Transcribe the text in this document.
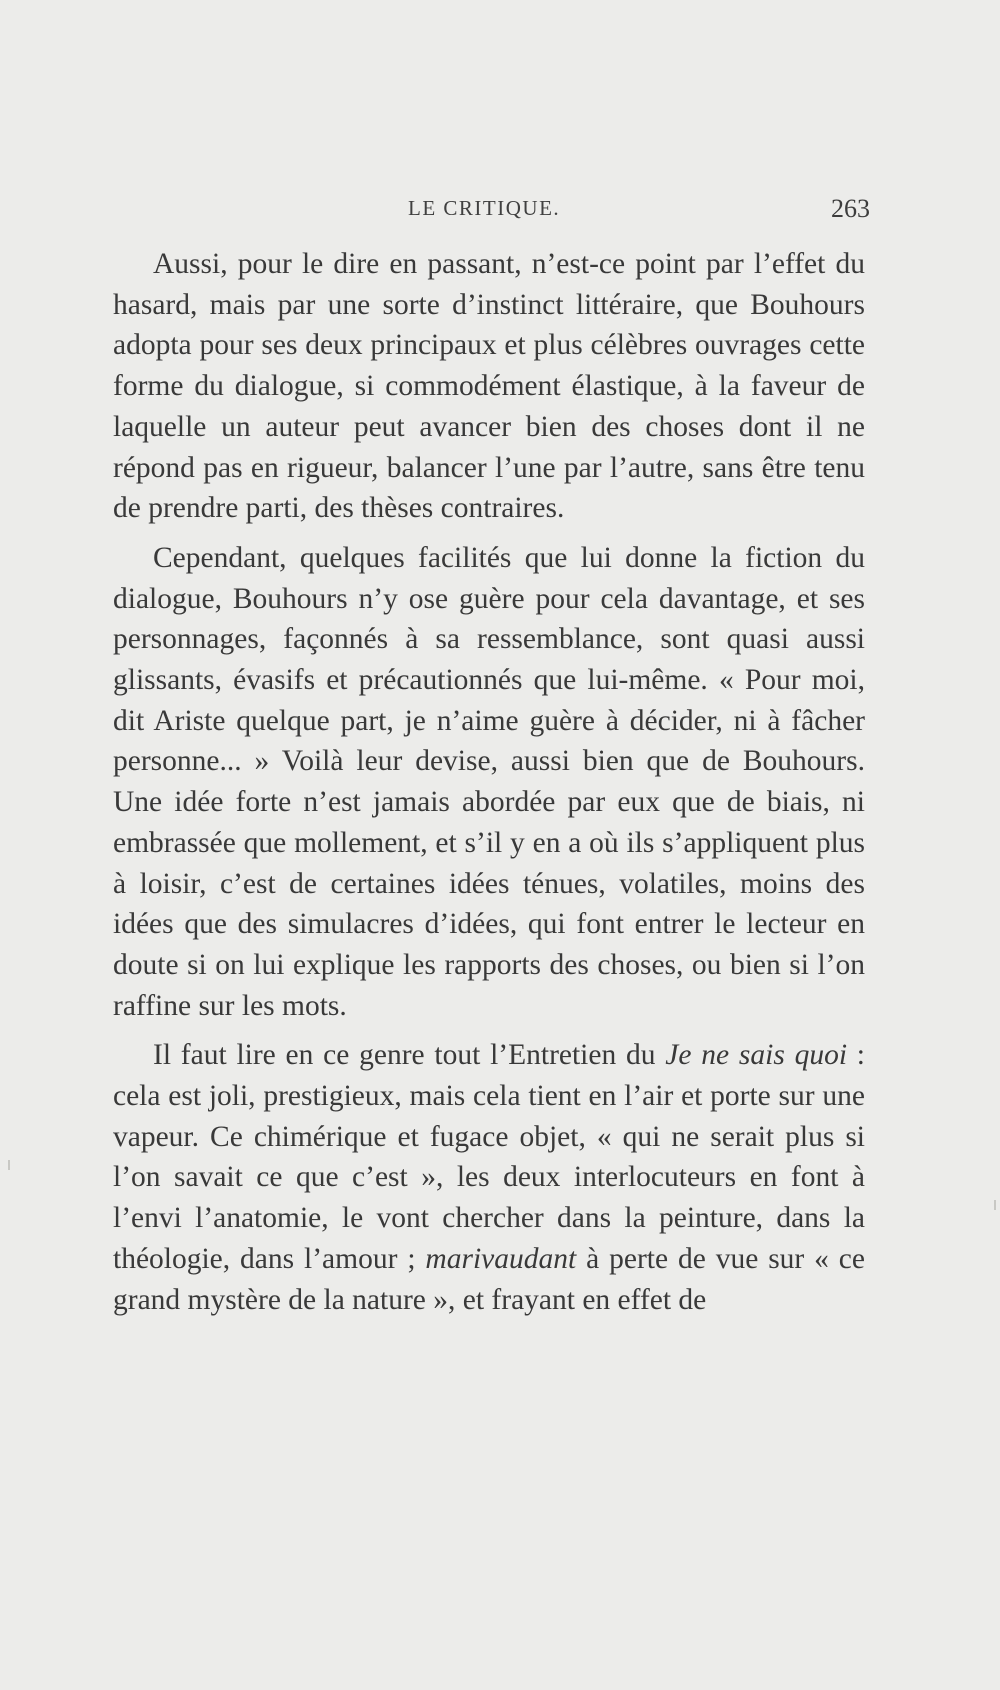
LE CRITIQUE.	263

Aussi, pour le dire en passant, n’est-ce point par l’effet du hasard, mais par une sorte d’instinct littéraire, que Bouhours adopta pour ses deux principaux et plus célèbres ouvrages cette forme du dialogue, si commodément élastique, à la faveur de laquelle un auteur peut avancer bien des choses dont il ne répond pas en rigueur, balancer l’une par l’autre, sans être tenu de prendre parti, des thèses contraires.

Cependant, quelques facilités que lui donne la fiction du dialogue, Bouhours n’y ose guère pour cela davantage, et ses personnages, façonnés à sa ressemblance, sont quasi aussi glissants, évasifs et précautionnés que lui-même. « Pour moi, dit Ariste quelque part, je n’aime guère à décider, ni à fâcher personne... » Voilà leur devise, aussi bien que de Bouhours. Une idée forte n’est jamais abordée par eux que de biais, ni embrassée que mollement, et s’il y en a où ils s’appliquent plus à loisir, c’est de certaines idées ténues, volatiles, moins des idées que des simulacres d’idées, qui font entrer le lecteur en doute si on lui explique les rapports des choses, ou bien si l’on raffine sur les mots.

Il faut lire en ce genre tout l’Entretien du Je ne sais quoi : cela est joli, prestigieux, mais cela tient en l’air et porte sur une vapeur. Ce chimérique et fugace objet, « qui ne serait plus si l’on savait ce que c’est », les deux interlocuteurs en font à l’envi l’anatomie, le vont chercher dans la peinture, dans la théologie, dans l’amour ; marivaudant à perte de vue sur « ce grand mystère de la nature », et frayant en effet de
